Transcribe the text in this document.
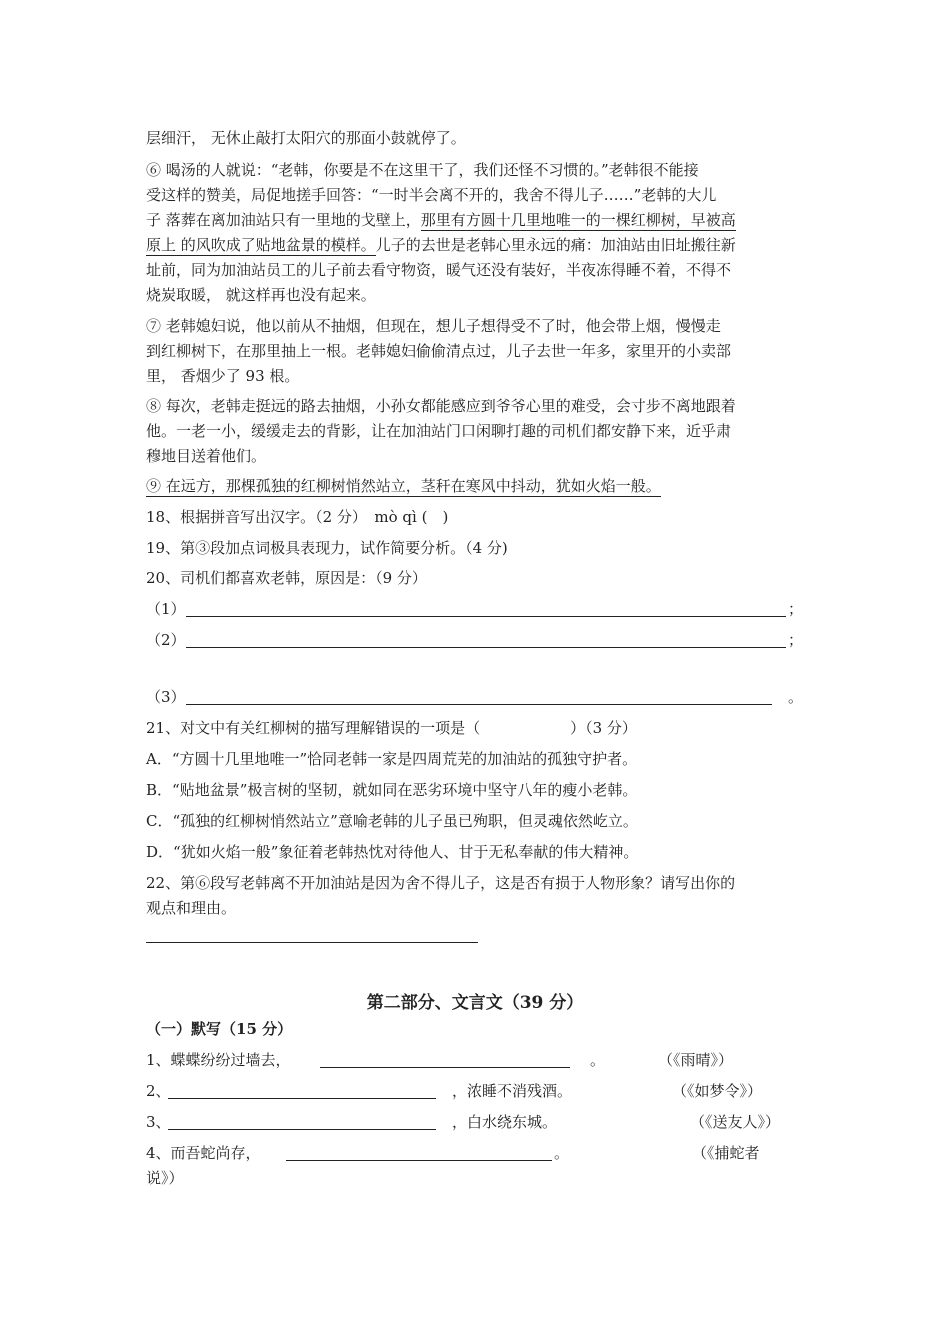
层细汗， 无休止敲打太阳穴的那面小鼓就停了。
⑥ 喝汤的人就说：“老韩，你要是不在这里干了，我们还怪不习惯的。”老韩很不能接
受这样的赞美，局促地搓手回答：“一时半会离不开的，我舍不得儿子……”老韩的大儿
子 落葬在离加油站只有一里地的戈壁上，那里有方圆十几里地唯一的一棵红柳树，早被高
原上 的风吹成了贴地盆景的模样。儿子的去世是老韩心里永远的痛：加油站由旧址搬往新
址前，同为加油站员工的儿子前去看守物资，暖气还没有装好，半夜冻得睡不着，不得不
烧炭取暖， 就这样再也没有起来。
⑦ 老韩媳妇说，他以前从不抽烟，但现在，想儿子想得受不了时，他会带上烟，慢慢走
到红柳树下，在那里抽上一根。老韩媳妇偷偷清点过，儿子去世一年多，家里开的小卖部
里， 香烟少了 93 根。
⑧ 每次，老韩走挺远的路去抽烟，小孙女都能感应到爷爷心里的难受，会寸步不离地跟着
他。一老一小，缓缓走去的背影，让在加油站门口闲聊打趣的司机们都安静下来，近乎肃
穆地目送着他们。
⑨ 在远方，那棵孤独的红柳树悄然站立，茎秆在寒风中抖动，犹如火焰一般。
18、根据拼音写出汉字。（2 分）　mò qì (　)
19、第③段加点词极具表现力，试作简要分析。（4 分)
20、司机们都喜欢老韩，原因是：（9 分）
（1）	；
（2）	；
（3）	。
21、对文中有关红柳树的描写理解错误的一项是（　　　　　　）（3 分）
A．“方圆十几里地唯一”恰同老韩一家是四周荒芜的加油站的孤独守护者。
B．“贴地盆景”极言树的坚韧，就如同在恶劣环境中坚守八年的瘦小老韩。
C．“孤独的红柳树悄然站立”意喻老韩的儿子虽已殉职，但灵魂依然屹立。
D．“犹如火焰一般”象征着老韩热忱对待他人、甘于无私奉献的伟大精神。
22、第⑥段写老韩离不开加油站是因为舍不得儿子，这是否有损于人物形象？请写出你的
观点和理由。
第二部分、文言文（39 分）
（一）默写（15 分）
1、蝶蝶纷纷过墙去，	。	（《雨晴》）
2、	，浓睡不消残酒。	（《如梦令》）
3、	，白水绕东城。	（《送友人》）
4、而吾蛇尚存，	。	（《捕蛇者
说》）
